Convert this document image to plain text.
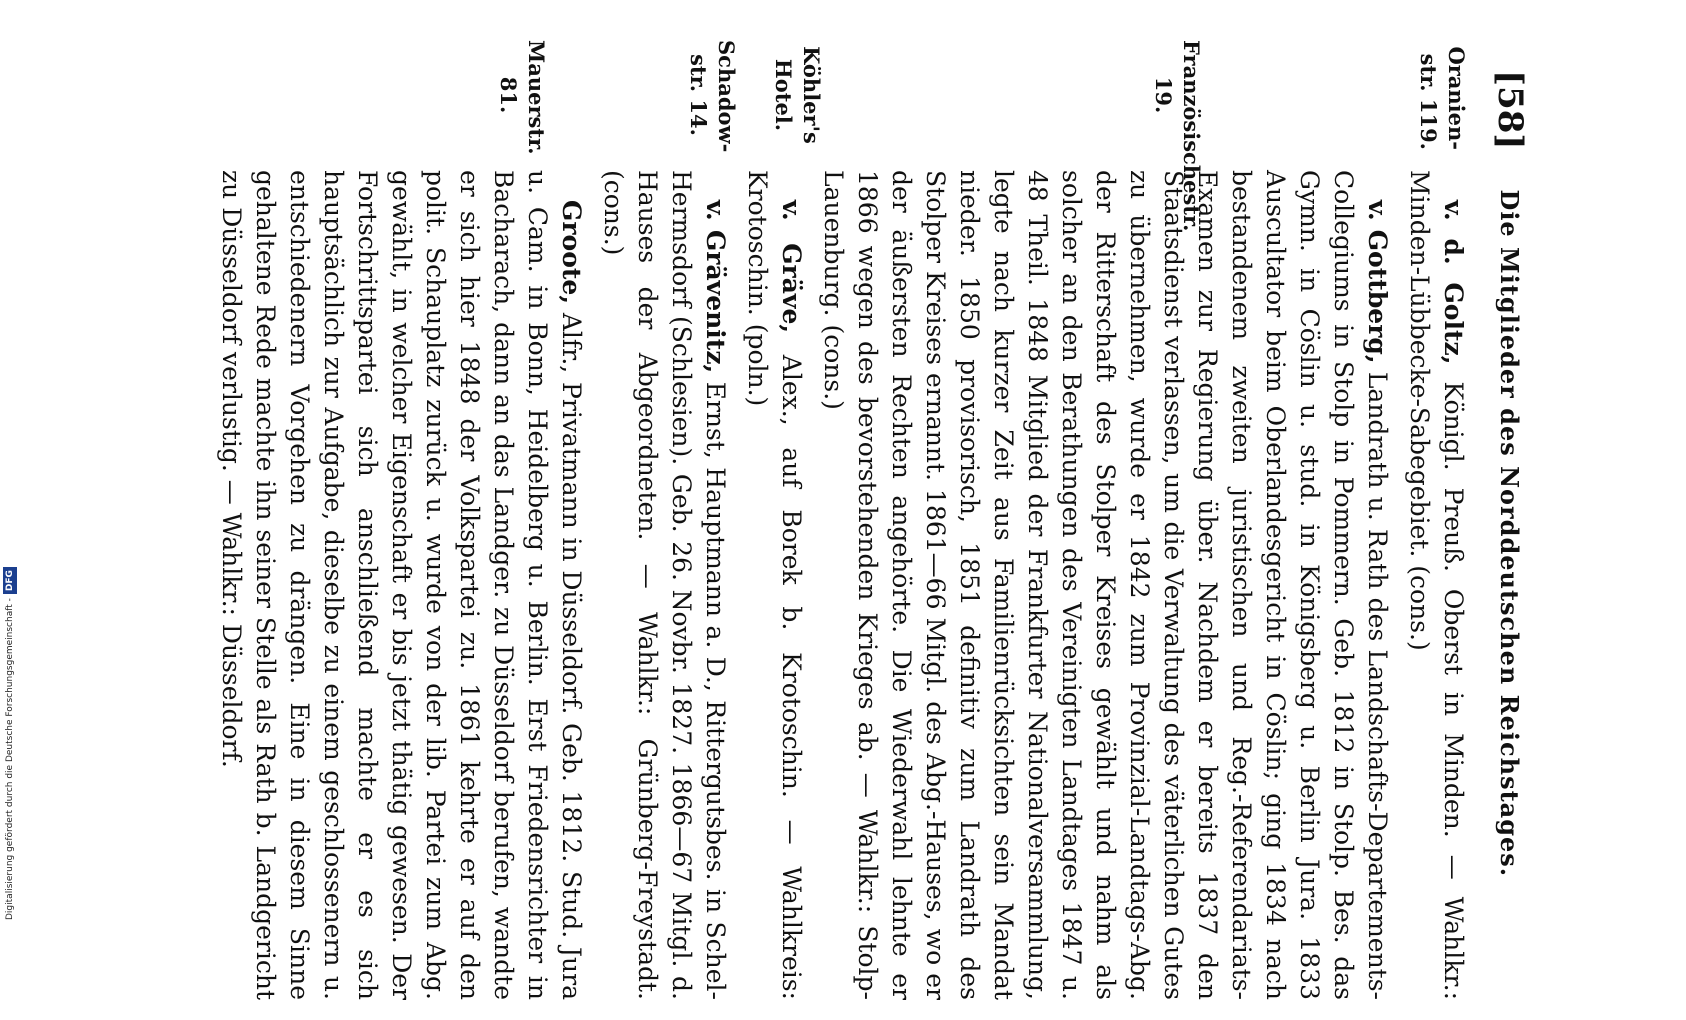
Digitalisierung gefördert durch die Deutsche Forschungsgemeinschaft -
DFG
[58]
Die Mitglieder des Norddeutschen Reichstages.
Oranien-str. 119.
Französischestr. 19.
Köhler's Hotel.
Schadow-str. 14.
Mauerstr. 81.

v. d. Goltz, Königl. Preuß. Oberst in Minden. — Wahlkr.: Minden-Lübbecke-Sabegebiet. (cons.)

v. Gottberg, Landrath u. Rath des Landschafts-Departements-Collegiums in Stolp in Pommern. Geb. 1812 in Stolp. Bes. das Gymn. in Cöslin u. stud. in Königsberg u. Berlin Jura. 1833 Auscultator beim Oberlandesgericht in Cöslin; ging 1834 nach bestandenem zweiten juristischen und Reg.-Referendariats-Examen zur Regierung über. Nachdem er bereits 1837 den Staatsdienst verlassen, um die Verwaltung des väterlichen Gutes zu übernehmen, wurde er 1842 zum Provinzial-Landtags-Abg. der Ritterschaft des Stolper Kreises gewählt und nahm als solcher an den Berathungen des Vereinigten Landtages 1847 u. 48 Theil. 1848 Mitglied der Frankfurter Nationalversammlung, legte nach kurzer Zeit aus Familienrücksichten sein Mandat nieder. 1850 provisorisch, 1851 definitiv zum Landrath des Stolper Kreises ernannt. 1861—66 Mitgl. des Abg.-Hauses, wo er der äußersten Rechten angehörte. Die Wiederwahl lehnte er 1866 wegen des bevorstehenden Krieges ab. — Wahlkr.: Stolp-Lauenburg. (cons.)

v. Gräve, Alex., auf Borek b. Krotoschin. — Wahlkreis: Krotoschin. (poln.)

v. Grävenitz, Ernst, Hauptmann a. D., Rittergutsbes. in Schel-Hermsdorf (Schlesien). Geb. 26. Novbr. 1827. 1866—67 Mitgl. d. Hauses der Abgeordneten. — Wahlkr.: Grünberg-Freystadt. (cons.)

Groote, Alfr., Privatmann in Düsseldorf. Geb. 1812. Stud. Jura u. Cam. in Bonn, Heidelberg u. Berlin. Erst Friedensrichter in Bacharach, dann an das Landger. zu Düsseldorf berufen, wandte er sich hier 1848 der Volkspartei zu. 1861 kehrte er auf den polit. Schauplatz zurück u. wurde von der lib. Partei zum Abg. gewählt, in welcher Eigenschaft er bis jetzt thätig gewesen. Der Fortschrittspartei sich anschließend machte er es sich hauptsächlich zur Aufgabe, dieselbe zu einem geschlossenern u. entschiedenern Vorgehen zu drängen. Eine in diesem Sinne gehaltene Rede machte ihn seiner Stelle als Rath b. Landgericht zu Düsseldorf verlustig. — Wahlkr.: Düsseldorf.
